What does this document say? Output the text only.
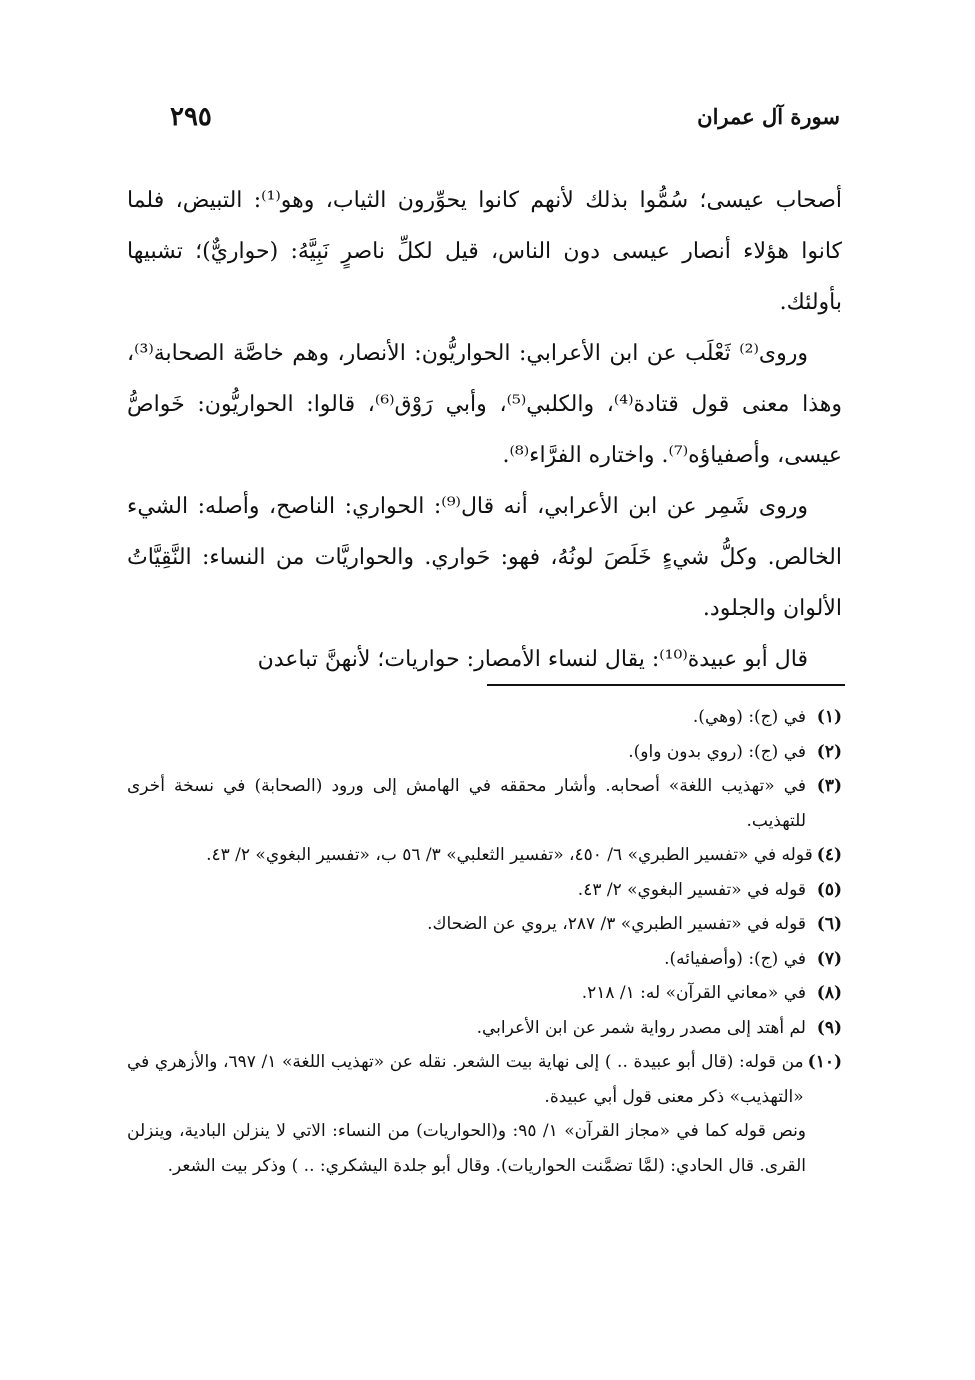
سورة آل عمران
٢٩٥

أصحاب عيسى؛ سُمُّوا بذلك لأنهم كانوا يحوِّرون الثياب، وهو⁽¹⁾: التبيض، فلما كانوا هؤلاء أنصار عيسى دون الناس، قيل لكلِّ ناصرٍ نَبِيَّهُ: (حواريٌّ)؛ تشبيها بأولئك.

وروى⁽²⁾ ثَعْلَب عن ابن الأعرابي: الحواريُّون: الأنصار، وهم خاصَّة الصحابة⁽³⁾، وهذا معنى قول قتادة⁽⁴⁾، والكلبي⁽⁵⁾، وأبي رَوْق⁽⁶⁾، قالوا: الحواريُّون: خَواصُّ عيسى، وأصفياؤه⁽⁷⁾. واختاره الفرَّاء⁽⁸⁾.

وروى شَمِر عن ابن الأعرابي، أنه قال⁽⁹⁾: الحواري: الناصح، وأصله: الشيء الخالص. وكلُّ شيءٍ خَلَصَ لونُهُ، فهو: حَواري. والحواريَّات من النساء: النَّقِيَّاتُ الألوان والجلود.

قال أبو عبيدة⁽¹⁰⁾: يقال لنساء الأمصار: حواريات؛ لأنهنَّ تباعدن

(١)
في (ج): (وهي).
(٢)
في (ج): (روي بدون واو).
(٣)
في «تهذيب اللغة» أصحابه. وأشار محققه في الهامش إلى ورود (الصحابة) في نسخة أخرى للتهذيب.
(٤)
قوله في «تفسير الطبري» ٦/ ٤٥٠، «تفسير الثعلبي» ٣/ ٥٦ ب، «تفسير البغوي» ٢/ ٤٣.
(٥)
قوله في «تفسير البغوي» ٢/ ٤٣.
(٦)
قوله في «تفسير الطبري» ٣/ ٢٨٧، يروي عن الضحاك.
(٧)
في (ج): (وأصفيائه).
(٨)
في «معاني القرآن» له: ١/ ٢١٨.
(٩)
لم أهتد إلى مصدر رواية شمر عن ابن الأعرابي.
(١٠)
من قوله: (قال أبو عبيدة .. ) إلى نهاية بيت الشعر. نقله عن «تهذيب اللغة» ١/ ٦٩٧، والأزهري في «التهذيب» ذكر معنى قول أبي عبيدة.

ونص قوله كما في «مجاز القرآن» ١/ ٩٥: و(الحواريات) من النساء: الاتي لا ينزلن البادية، وينزلن القرى. قال الحادي: (لمَّا تضمَّنت الحواريات). وقال أبو جلدة اليشكري: .. ) وذكر بيت الشعر.
